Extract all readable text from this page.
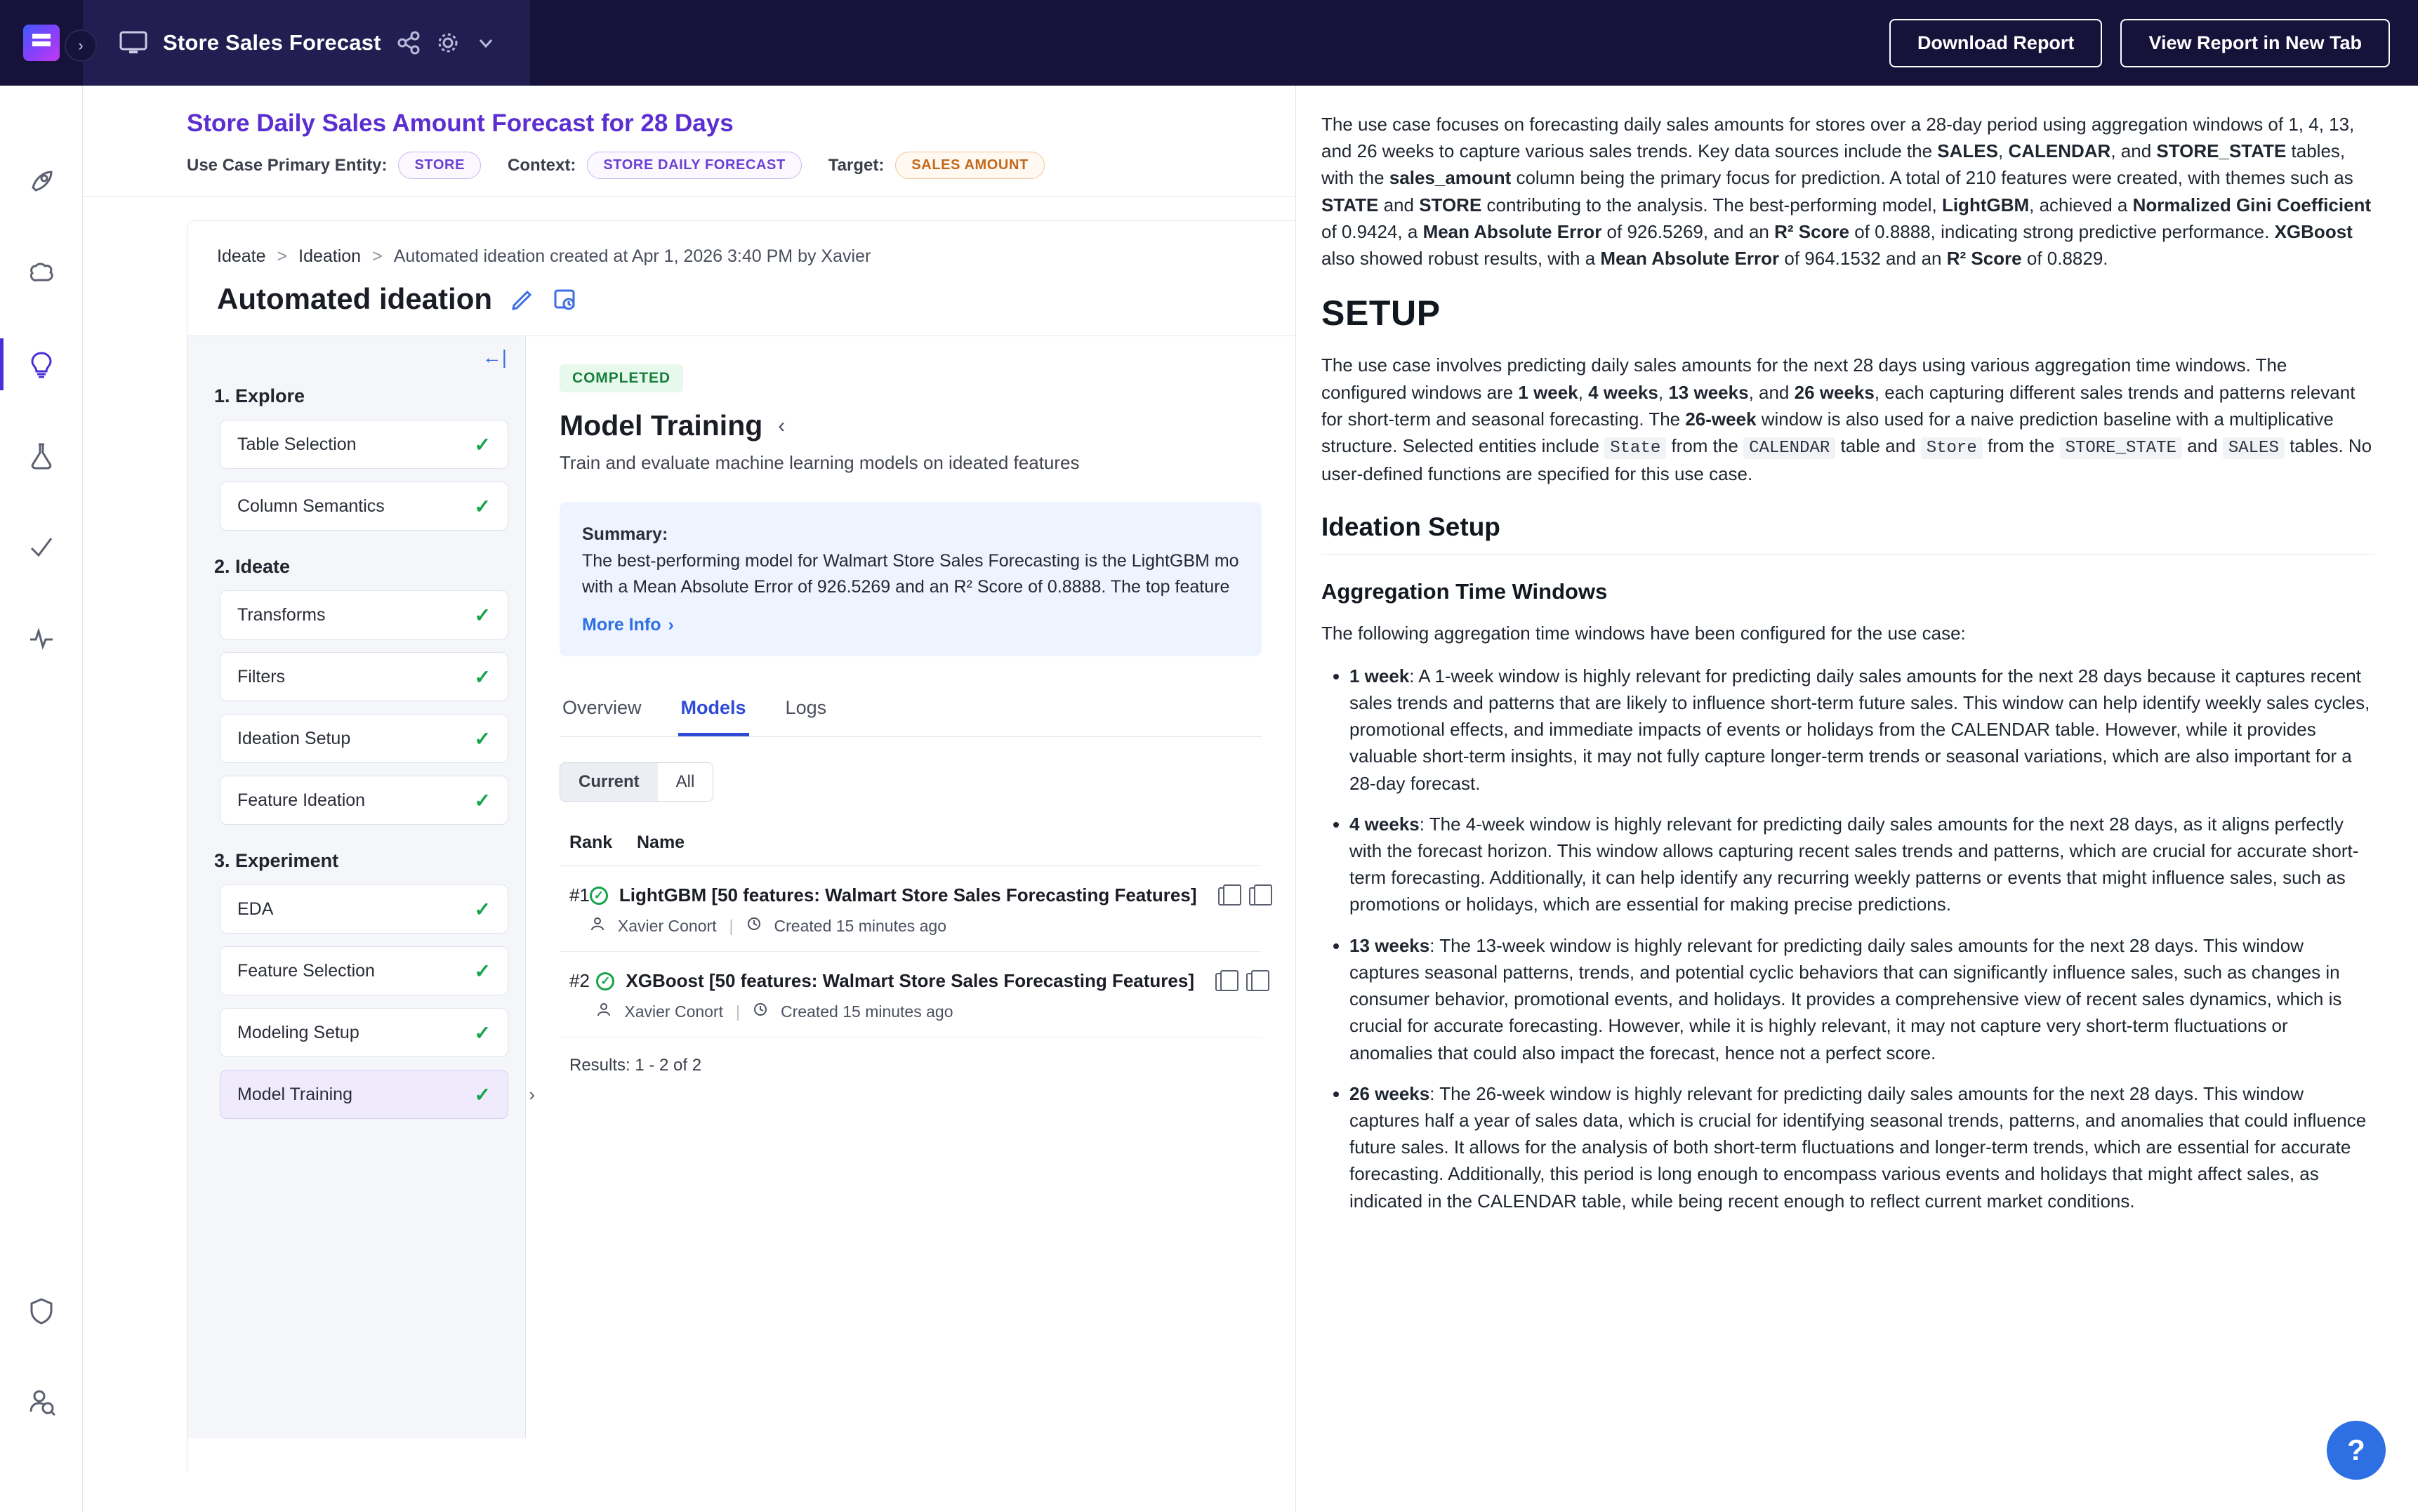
›	Store Sales Forecast	Download Report	View Report in New Tab
Store Daily Sales Amount Forecast for 28 Days
Use Case Primary Entity:	STORE	Context:	STORE DAILY FORECAST	Target:	SALES AMOUNT
Ideate > Ideation > Automated ideation created at Apr 1, 2026 3:40 PM by Xavier
Automated ideation
←|
1. Explore
Table Selection	✓
Column Semantics	✓
2. Ideate
Transforms	✓
Filters	✓
Ideation Setup	✓
Feature Ideation	✓
3. Experiment
EDA	✓
Feature Selection	✓
Modeling Setup	✓
Model Training	✓ ›
COMPLETED
Model Training ‹
Train and evaluate machine learning models on ideated features
Summary:
The best-performing model for Walmart Store Sales Forecasting is the LightGBM mo
with a Mean Absolute Error of 926.5269 and an R² Score of 0.8888. The top feature
More Info ›
Overview Models Logs
Current	All
Rank	Name
#1 ✓ LightGBM [50 features: Walmart Store Sales Forecasting Features]
Xavier Conort |	Created 15 minutes ago
#2 ✓ XGBoost [50 features: Walmart Store Sales Forecasting Features]
Xavier Conort |	Created 15 minutes ago
Results: 1 - 2 of 2

The use case focuses on forecasting daily sales amounts for stores over a 28-day period using aggregation windows of 1, 4, 13, and 26 weeks to capture various sales trends. Key data sources include the SALES, CALENDAR, and STORE_STATE tables, with the sales_amount column being the primary focus for prediction. A total of 210 features were created, with themes such as STATE and STORE contributing to the analysis. The best-performing model, LightGBM, achieved a Normalized Gini Coefficient of 0.9424, a Mean Absolute Error of 926.5269, and an R² Score of 0.8888, indicating strong predictive performance. XGBoost also showed robust results, with a Mean Absolute Error of 964.1532 and an R² Score of 0.8829.

SETUP

The use case involves predicting daily sales amounts for the next 28 days using various aggregation time windows. The configured windows are 1 week, 4 weeks, 13 weeks, and 26 weeks, each capturing different sales trends and patterns relevant for short-term and seasonal forecasting. The 26-week window is also used for a naive prediction baseline with a multiplicative structure. Selected entities include State from the CALENDAR table and Store from the STORE_STATE and SALES tables. No user-defined functions are specified for this use case.

Ideation Setup
Aggregation Time Windows

The following aggregation time windows have been configured for the use case:

• 1 week: A 1-week window is highly relevant for predicting daily sales amounts for the next 28 days because it captures recent sales trends and patterns that are likely to influence short-term future sales. This window can help identify weekly sales cycles, promotional effects, and immediate impacts of events or holidays from the CALENDAR table. However, while it provides valuable short-term insights, it may not fully capture longer-term trends or seasonal variations, which are also important for a 28-day forecast.
• 4 weeks: The 4-week window is highly relevant for predicting daily sales amounts for the next 28 days, as it aligns perfectly with the forecast horizon. This window allows capturing recent sales trends and patterns, which are crucial for accurate short-term forecasting. Additionally, it can help identify any recurring weekly patterns or events that might influence sales, such as promotions or holidays, which are essential for making precise predictions.
• 13 weeks: The 13-week window is highly relevant for predicting daily sales amounts for the next 28 days. This window captures seasonal patterns, trends, and potential cyclic behaviors that can significantly influence sales, such as changes in consumer behavior, promotional events, and holidays. It provides a comprehensive view of recent sales dynamics, which is crucial for accurate forecasting. However, while it is highly relevant, it may not capture very short-term fluctuations or anomalies that could also impact the forecast, hence not a perfect score.
• 26 weeks: The 26-week window is highly relevant for predicting daily sales amounts for the next 28 days. This window captures half a year of sales data, which is crucial for identifying seasonal trends, patterns, and anomalies that could influence future sales. It allows for the analysis of both short-term fluctuations and longer-term trends, which are essential for accurate forecasting. Additionally, this period is long enough to encompass various events and holidays that might affect sales, as indicated in the CALENDAR table, while being recent enough to reflect current market conditions.
?
